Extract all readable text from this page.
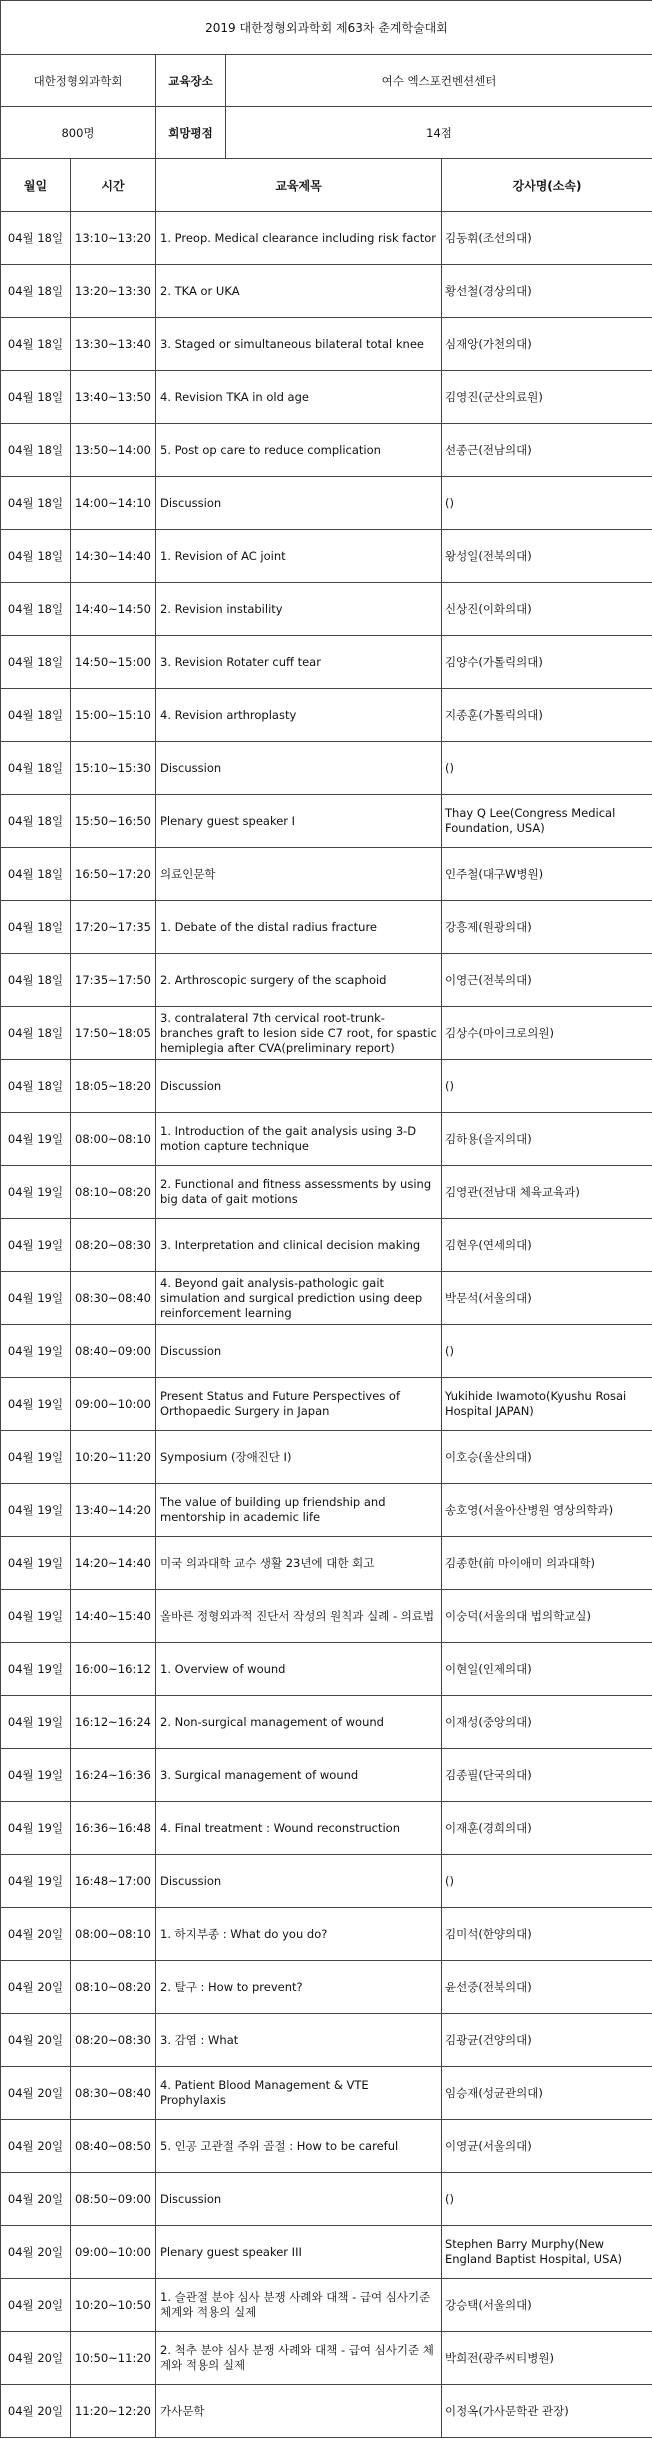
2019 대한정형외과학회 제63차 춘계학술대회		
대한정형외과학회	교육장소	여수 엑스포컨벤션센터
800명	희망평점	14점
월일	시간	교육제목	강사명(소속)
04월 18일	13:10~13:20	1. Preop. Medical clearance including risk factor	김동휘(조선의대)
04월 18일	13:20~13:30	2. TKA or UKA	황선철(경상의대)
04월 18일	13:30~13:40	3. Staged or simultaneous bilateral total knee	심재앙(가천의대)
04월 18일	13:40~13:50	4. Revision TKA in old age	김영진(군산의료원)
04월 18일	13:50~14:00	5. Post op care to reduce complication	선종근(전남의대)
04월 18일	14:00~14:10	Discussion	()
04월 18일	14:30~14:40	1. Revision of AC joint	왕성일(전북의대)
04월 18일	14:40~14:50	2. Revision instability	신상진(이화의대)
04월 18일	14:50~15:00	3. Revision Rotater cuff tear	김양수(가톨릭의대)
04월 18일	15:00~15:10	4. Revision arthroplasty	지종훈(가톨릭의대)
04월 18일	15:10~15:30	Discussion	()
04월 18일	15:50~16:50	Plenary guest speaker I	Thay Q Lee(Congress Medical Foundation, USA)
04월 18일	16:50~17:20	의료인문학	인주철(대구W병원)
04월 18일	17:20~17:35	1. Debate of the distal radius fracture	강흥제(원광의대)
04월 18일	17:35~17:50	2. Arthroscopic surgery of the scaphoid	이영근(전북의대)
04월 18일	17:50~18:05	3. contralateral 7th cervical root-trunk-branches graft to lesion side C7 root, for spastic hemiplegia after CVA(preliminary report)	김상수(마이크로의원)
04월 18일	18:05~18:20	Discussion	()
04월 19일	08:00~08:10	1. Introduction of the gait analysis using 3-D motion capture technique	김하용(을지의대)
04월 19일	08:10~08:20	2. Functional and fitness assessments by using big data of gait motions	김영관(전남대 체육교육과)
04월 19일	08:20~08:30	3. Interpretation and clinical decision making	김현우(연세의대)
04월 19일	08:30~08:40	4. Beyond gait analysis-pathologic gait simulation and surgical prediction using deep reinforcement learning	박문석(서울의대)
04월 19일	08:40~09:00	Discussion	()
04월 19일	09:00~10:00	Present Status and Future Perspectives of Orthopaedic Surgery in Japan	Yukihide Iwamoto(Kyushu Rosai Hospital JAPAN)
04월 19일	10:20~11:20	Symposium (장애진단 I)	이호승(울산의대)
04월 19일	13:40~14:20	The value of building up friendship and mentorship in academic life	송호영(서울아산병원 영상의학과)
04월 19일	14:20~14:40	미국 의과대학 교수 생활 23년에 대한 회고	김종한(前 마이애미 의과대학)
04월 19일	14:40~15:40	올바른 정형외과적 진단서 작성의 원칙과 실례 - 의료법	이숭덕(서울의대 법의학교실)
04월 19일	16:00~16:12	1. Overview of wound	이현일(인제의대)
04월 19일	16:12~16:24	2. Non-surgical management of wound	이재성(중앙의대)
04월 19일	16:24~16:36	3. Surgical management of wound	김종필(단국의대)
04월 19일	16:36~16:48	4. Final treatment : Wound reconstruction	이재훈(경희의대)
04월 19일	16:48~17:00	Discussion	()
04월 20일	08:00~08:10	1. 하지부종 : What do you do?	김미석(한양의대)
04월 20일	08:10~08:20	2. 탈구 : How to prevent?	윤선중(전북의대)
04월 20일	08:20~08:30	3. 감염 : What	김광균(건양의대)
04월 20일	08:30~08:40	4. Patient Blood Management & VTE Prophylaxis	임승재(성균관의대)
04월 20일	08:40~08:50	5. 인공 고관절 주위 골절 : How to be careful	이영균(서울의대)
04월 20일	08:50~09:00	Discussion	()
04월 20일	09:00~10:00	Plenary guest speaker III	Stephen Barry Murphy(New England Baptist Hospital, USA)
04월 20일	10:20~10:50	1. 슬관절 분야 심사 분쟁 사례와 대책 - 급여 심사기준 체계와 적용의 실제	강승택(서울의대)
04월 20일	10:50~11:20	2. 척추 분야 심사 분쟁 사례와 대책 - 급여 심사기준 체계와 적용의 실제	박희전(광주씨티병원)
04월 20일	11:20~12:20	가사문학	이정옥(가사문학관 관장)
